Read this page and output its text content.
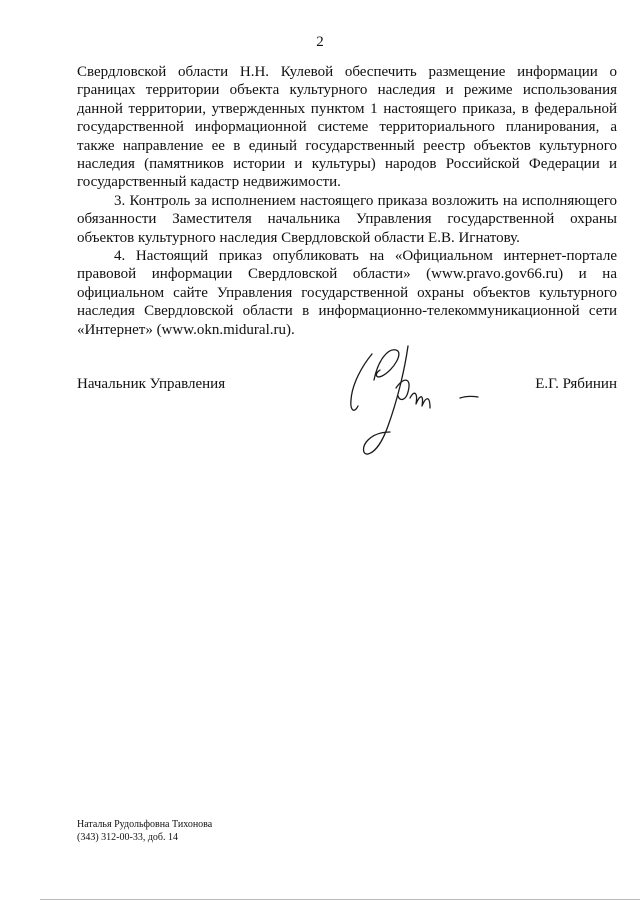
2

Свердловской области Н.Н. Кулевой обеспечить размещение информации о границах территории объекта культурного наследия и режиме использования данной территории, утвержденных пунктом 1 настоящего приказа, в федеральной государственной информационной системе территориального планирования, а также направление ее в единый государственный реестр объектов культурного наследия (памятников истории и культуры) народов Российской Федерации и государственный кадастр недвижимости.

3. Контроль за исполнением настоящего приказа возложить на исполняющего обязанности Заместителя начальника Управления государственной охраны объектов культурного наследия Свердловской области Е.В. Игнатову.

4. Настоящий приказ опубликовать на «Официальном интернет-портале правовой информации Свердловской области» (www.pravo.gov66.ru) и на официальном сайте Управления государственной охраны объектов культурного наследия Свердловской области в информационно-телекоммуникационной сети «Интернет» (www.okn.midural.ru).

Начальник Управления	Е.Г. Рябинин
Наталья Рудольфовна Тихонова
(343) 312-00-33, доб. 14
